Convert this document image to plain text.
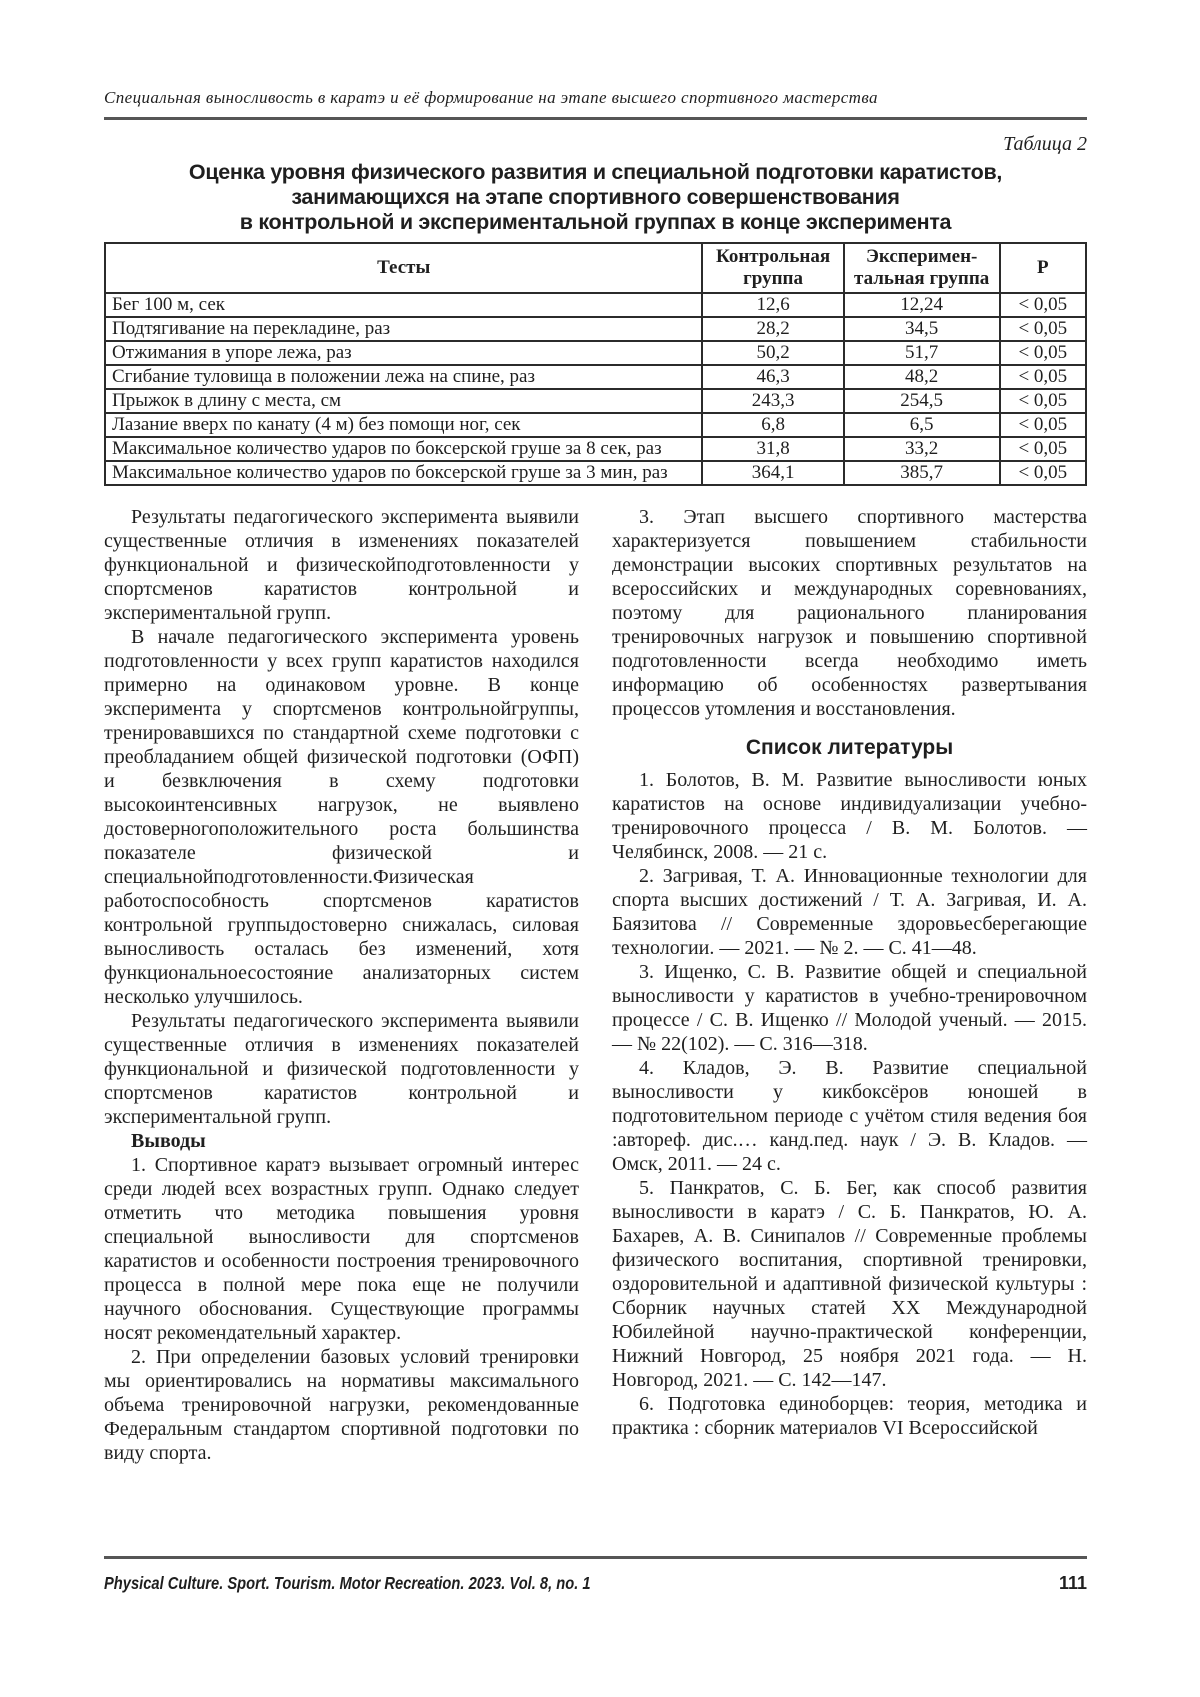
Специальная выносливость в каратэ и её формирование на этапе высшего спортивного мастерства
Таблица 2
Оценка уровня физического развития и специальной подготовки каратистов,
занимающихся на этапе спортивного совершенствования
в контрольной и экспериментальной группах в конце эксперимента
Тесты	Контрольная группа	Эксперимен-тальная группа	Р
Бег 100 м, сек	12,6	12,24	< 0,05
Подтягивание на перекладине, раз	28,2	34,5	< 0,05
Отжимания в упоре лежа, раз	50,2	51,7	< 0,05
Сгибание туловища в положении лежа на спине, раз	46,3	48,2	< 0,05
Прыжок в длину с места, см	243,3	254,5	< 0,05
Лазание вверх по канату (4 м) без помощи ног, сек	6,8	6,5	< 0,05
Максимальное количество ударов по боксерской груше за 8 сек, раз	31,8	33,2	< 0,05
Максимальное количество ударов по боксерской груше за 3 мин, раз	364,1	385,7	< 0,05

Результаты педагогического эксперимента выявили существенные отличия в изменениях показателей функциональной и физическойподготовленности у спортсменов каратистов контрольной и экспериментальной групп.

В начале педагогического эксперимента уровень подготовленности у всех групп каратистов находился примерно на одинаковом уровне. В конце эксперимента у спортсменов контрольнойгруппы, тренировавшихся по стандартной схеме подготовки с преобладанием общей физической подготовки (ОФП) и безвключения в схему подготовки высокоинтенсивных нагрузок, не выявлено достоверногоположительного роста большинства показателе физической и специальнойподготовленности.Физическая работоспособность спортсменов каратистов контрольной группыдостоверно снижалась, силовая выносливость осталась без изменений, хотя функциональноесостояние анализаторных систем несколько улучшилось.

Результаты педагогического эксперимента выявили существенные отличия в изменениях показателей функциональной и физической подготовленности у спортсменов каратистов контрольной и экспериментальной групп.

Выводы

1. Спортивное каратэ вызывает огромный интерес среди людей всех возрастных групп. Однако следует отметить что методика повышения уровня специальной выносливости для спортсменов каратистов и особенности построения тренировочного процесса в полной мере пока еще не получили научного обоснования. Существующие программы носят рекомендательный характер.

2. При определении базовых условий тренировки мы ориентировались на нормативы максимального объема тренировочной нагрузки, рекомендованные Федеральным стандартом спортивной подготовки по виду спорта.

3. Этап высшего спортивного мастерства характеризуется повышением стабильности демонстрации высоких спортивных результатов на всероссийских и международных соревнованиях, поэтому для рационального планирования тренировочных нагрузок и повышению спортивной подготовленности всегда необходимо иметь информацию об особенностях развертывания процессов утомления и восстановления.

Список литературы

1. Болотов, В. М. Развитие выносливости юных каратистов на основе индивидуализации учебно-тренировочного процесса / В. М. Болотов. — Челябинск, 2008. — 21 с.

2. Загривая, Т. А. Инновационные технологии для спорта высших достижений / Т. А. Загривая, И. А. Баязитова // Современные здоровьесберегающие технологии. — 2021. — № 2. — С. 41—48.

3. Ищенко, С. В. Развитие общей и специальной выносливости у каратистов в учебно-тренировочном процессе / С. В. Ищенко // Молодой ученый. — 2015. — № 22(102). — С. 316—318.

4. Кладов, Э. В. Развитие специальной выносливости у кикбоксёров юношей в подготовительном периоде с учётом стиля ведения боя :автореф. дис.… канд.пед. наук / Э. В. Кладов. — Омск, 2011. — 24 с.

5. Панкратов, С. Б. Бег, как способ развития выносливости в каратэ / С. Б. Панкратов, Ю. А. Бахарев, А. В. Синипалов // Современные проблемы физического воспитания, спортивной тренировки, оздоровительной и адаптивной физической культуры : Сборник научных статей XX Международной Юбилейной научно-практической конференции, Нижний Новгород, 25 ноября 2021 года. — Н. Новгород, 2021. — С. 142—147.

6. Подготовка единоборцев: теория, методика и практика : сборник материалов VI Всероссийской

Physical Culture. Sport. Tourism. Motor Recreation. 2023. Vol. 8, no. 1	111
